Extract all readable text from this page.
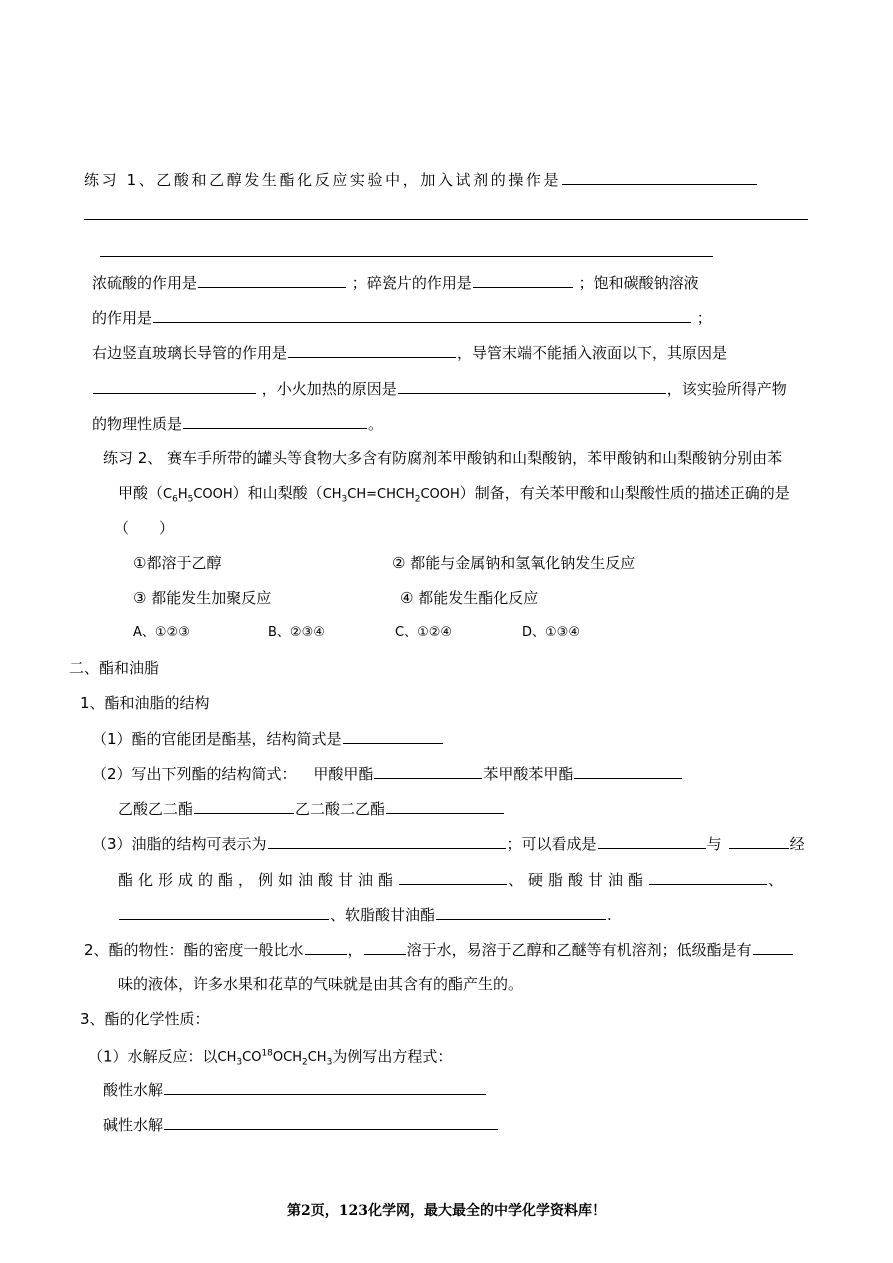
练习 1、乙酸和乙醇发生酯化反应实验中，加入试剂的操作是
浓硫酸的作用是	；碎瓷片的作用是	；饱和碳酸钠溶液
的作用是	；
右边竖直玻璃长导管的作用是	，导管末端不能插入液面以下，其原因是
，小火加热的原因是	，该实验所得产物
的物理性质是	。
练习 2、 赛车手所带的罐头等食物大多含有防腐剂苯甲酸钠和山梨酸钠，苯甲酸钠和山梨酸钠分别由苯
甲酸$(C_6H_5COOH)$和山梨酸$(CH_3CH=CHCH_2COOH)$制备，有关苯甲酸和山梨酸性质的描述正确的是
（　　）
①都溶于乙醇	② 都能与金属钠和氢氧化钠发生反应
③ 都能发生加聚反应	④ 都能发生酯化反应
A、①②③	B、②③④	C、①②④	D、①③④
二、酯和油脂
1、酯和油脂的结构
（1）酯的官能团是酯基，结构简式是
（2）写出下列酯的结构简式： 甲酸甲酯	苯甲酸苯甲酯
乙酸乙二酯	乙二酸二乙酯
（3）油脂的结构可表示为	；可以看成是	与	经
酯化形成的酯，例如油酸甘油酯	、硬脂酸甘油酯	、
、软脂酸甘油酯	.
2、酯的物性：酯的密度一般比水	，	溶于水，易溶于乙醇和乙醚等有机溶剂；低级酯是有
味的液体，许多水果和花草的气味就是由其含有的酯产生的。
3、酯的化学性质：
（1）水解反应：以$CH_3CO^{18}OCH_2CH_3$为例写出方程式：
酸性水解
碱性水解
第2页，123化学网，最大最全的中学化学资料库！
